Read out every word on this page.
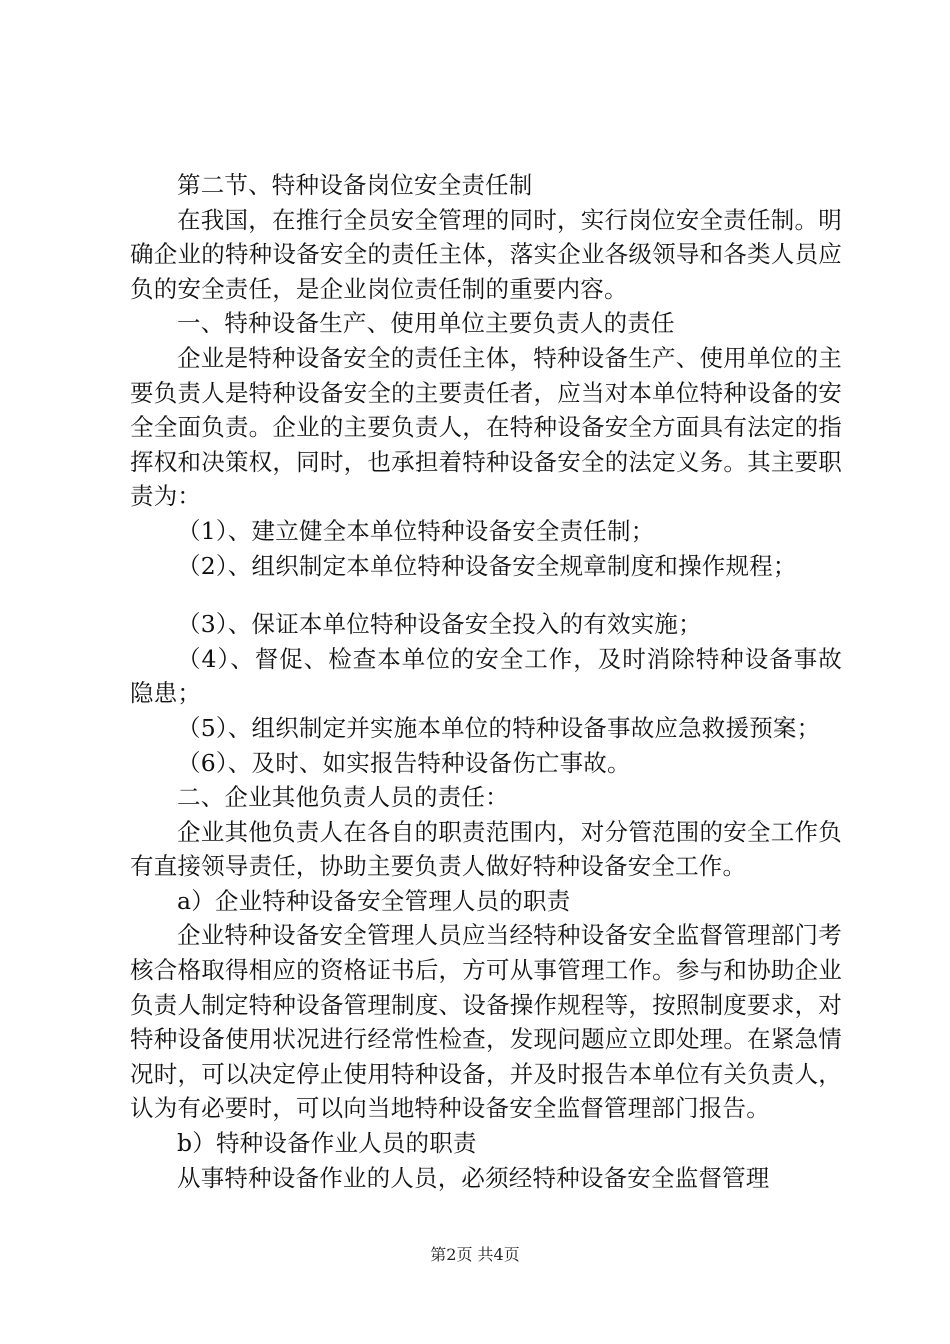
第二节、特种设备岗位安全责任制

在我国，在推行全员安全管理的同时，实行岗位安全责任制。明确企业的特种设备安全的责任主体，落实企业各级领导和各类人员应负的安全责任，是企业岗位责任制的重要内容。

一、特种设备生产、使用单位主要负责人的责任

企业是特种设备安全的责任主体，特种设备生产、使用单位的主要负责人是特种设备安全的主要责任者，应当对本单位特种设备的安全全面负责。企业的主要负责人，在特种设备安全方面具有法定的指挥权和决策权，同时，也承担着特种设备安全的法定义务。其主要职责为：

（1）、建立健全本单位特种设备安全责任制；

（2）、组织制定本单位特种设备安全规章制度和操作规程；

（3）、保证本单位特种设备安全投入的有效实施；

（4）、督促、检查本单位的安全工作，及时消除特种设备事故隐患；

（5）、组织制定并实施本单位的特种设备事故应急救援预案；

（6）、及时、如实报告特种设备伤亡事故。

二、企业其他负责人员的责任：

企业其他负责人在各自的职责范围内，对分管范围的安全工作负有直接领导责任，协助主要负责人做好特种设备安全工作。

a）企业特种设备安全管理人员的职责

企业特种设备安全管理人员应当经特种设备安全监督管理部门考核合格取得相应的资格证书后，方可从事管理工作。参与和协助企业负责人制定特种设备管理制度、设备操作规程等，按照制度要求，对特种设备使用状况进行经常性检查，发现问题应立即处理。在紧急情况时，可以决定停止使用特种设备，并及时报告本单位有关负责人，认为有必要时，可以向当地特种设备安全监督管理部门报告。

b）特种设备作业人员的职责

从事特种设备作业的人员，必须经特种设备安全监督管理

第2页 共4页
